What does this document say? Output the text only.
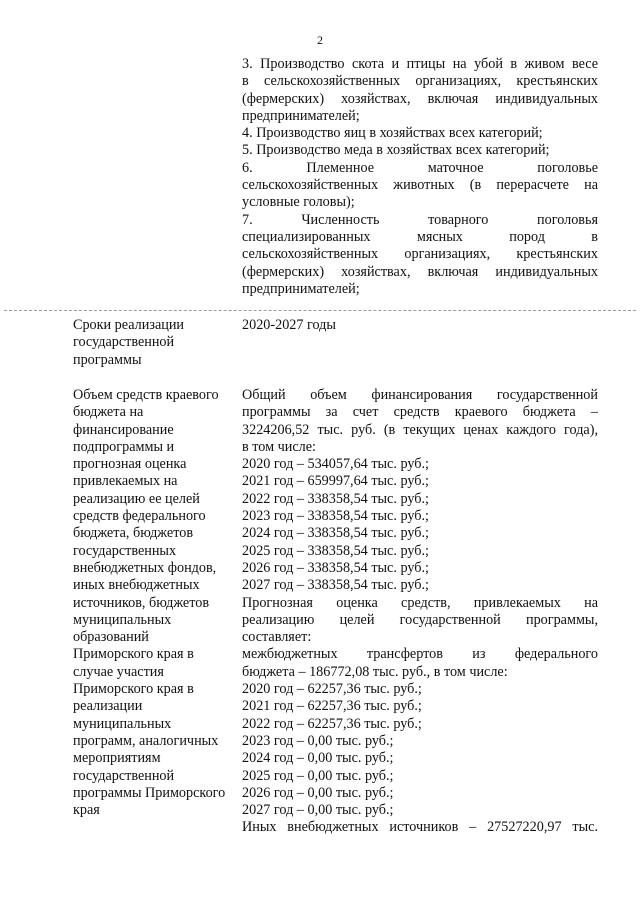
2
3. Производство скота и птицы на убой в живом весе
в сельскохозяйственных организациях, крестьянских
(фермерских) хозяйствах, включая индивидуальных
предпринимателей;
4. Производство яиц в хозяйствах всех категорий;
5. Производство меда в хозяйствах всех категорий;
6. Племенное маточное поголовье
сельскохозяйственных животных (в перерасчете на
условные головы);
7. Численность товарного поголовья
специализированных мясных пород в
сельскохозяйственных организациях, крестьянских
(фермерских) хозяйствах, включая индивидуальных
предпринимателей;
Сроки реализации
государственной
программы
2020-2027 годы
Объем средств краевого
бюджета на
финансирование
подпрограммы и
прогнозная оценка
привлекаемых на
реализацию ее целей
средств федерального
бюджета, бюджетов
государственных
внебюджетных фондов,
иных внебюджетных
источников, бюджетов
муниципальных
образований
Приморского края в
случае участия
Приморского края в
реализации
муниципальных
программ, аналогичных
мероприятиям
государственной
программы Приморского
края
Общий объем финансирования государственной
программы за счет средств краевого бюджета –
3224206,52 тыс. руб. (в текущих ценах каждого года),
в том числе:
2020 год – 534057,64 тыс. руб.;
2021 год – 659997,64 тыс. руб.;
2022 год – 338358,54 тыс. руб.;
2023 год – 338358,54 тыс. руб.;
2024 год – 338358,54 тыс. руб.;
2025 год – 338358,54 тыс. руб.;
2026 год – 338358,54 тыс. руб.;
2027 год – 338358,54 тыс. руб.;
Прогнозная оценка средств, привлекаемых на
реализацию целей государственной программы,
составляет:
межбюджетных трансфертов из федерального
бюджета – 186772,08 тыс. руб., в том числе:
2020 год – 62257,36 тыс. руб.;
2021 год – 62257,36 тыс. руб.;
2022 год – 62257,36 тыс. руб.;
2023 год – 0,00 тыс. руб.;
2024 год – 0,00 тыс. руб.;
2025 год – 0,00 тыс. руб.;
2026 год – 0,00 тыс. руб.;
2027 год – 0,00 тыс. руб.;
Иных внебюджетных источников – 27527220,97 тыс.
